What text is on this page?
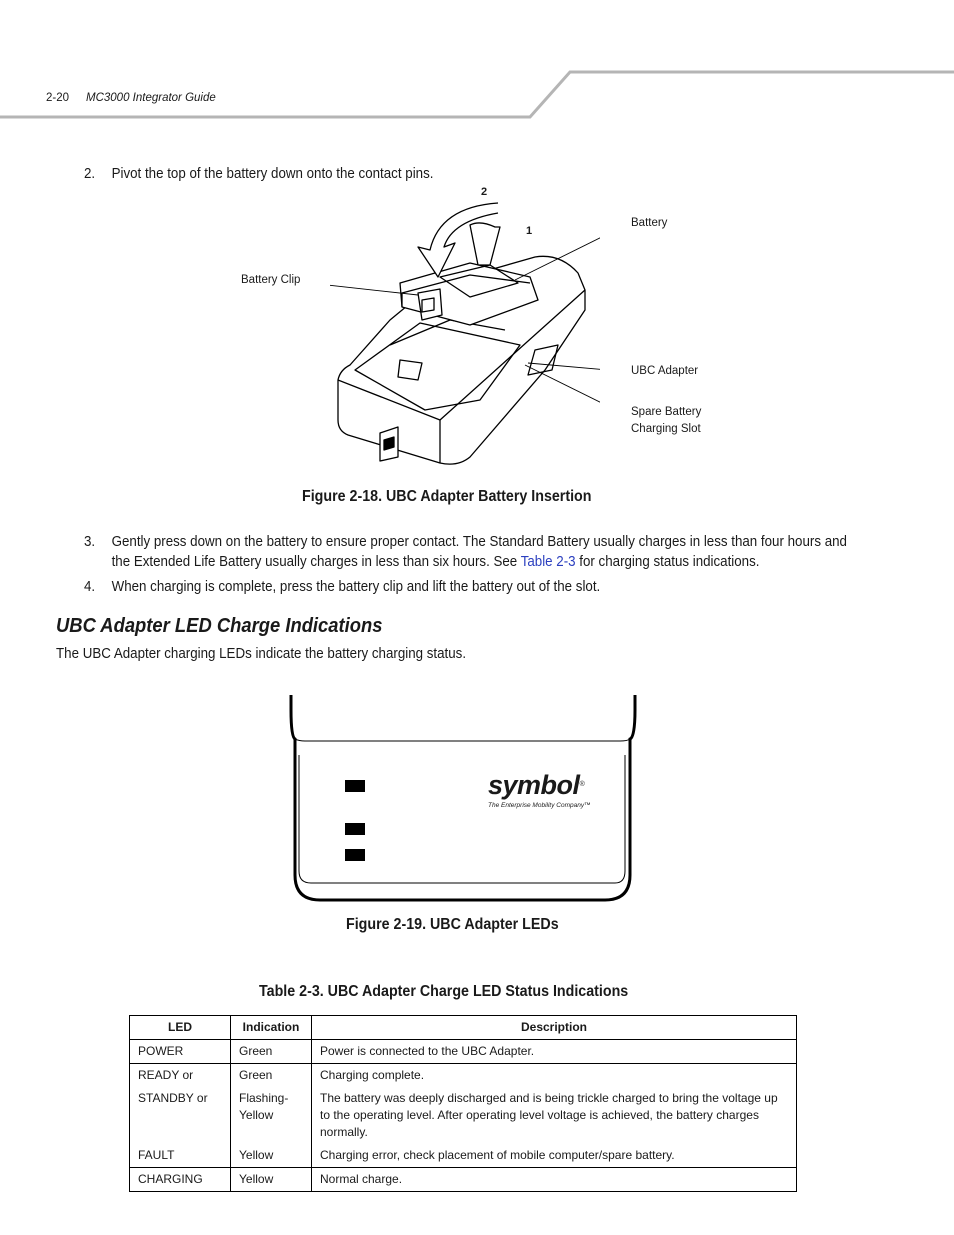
2-20 MC3000 Integrator Guide
2. Pivot the top of the battery down onto the contact pins.
2
1
Battery
Battery Clip
UBC Adapter
Spare Battery
Charging Slot
Figure 2-18. UBC Adapter Battery Insertion
3. Gently press down on the battery to ensure proper contact. The Standard Battery usually charges in less than four hours and
the Extended Life Battery usually charges in less than six hours. See Table 2-3 for charging status indications.
4. When charging is complete, press the battery clip and lift the battery out of the slot.
UBC Adapter LED Charge Indications
The UBC Adapter charging LEDs indicate the battery charging status.
symbol®
The Enterprise Mobility Company™
Figure 2-19. UBC Adapter LEDs
Table 2-3. UBC Adapter Charge LED Status Indications
LED	Indication	Description
POWER	Green	Power is connected to the UBC Adapter.
READY or	Green	Charging complete.
STANDBY or	Flashing-Yellow	The battery was deeply discharged and is being trickle charged to bring the voltage up to the operating level. After operating level voltage is achieved, the battery charges normally.
FAULT	Yellow	Charging error, check placement of mobile computer/spare battery.
CHARGING	Yellow	Normal charge.
